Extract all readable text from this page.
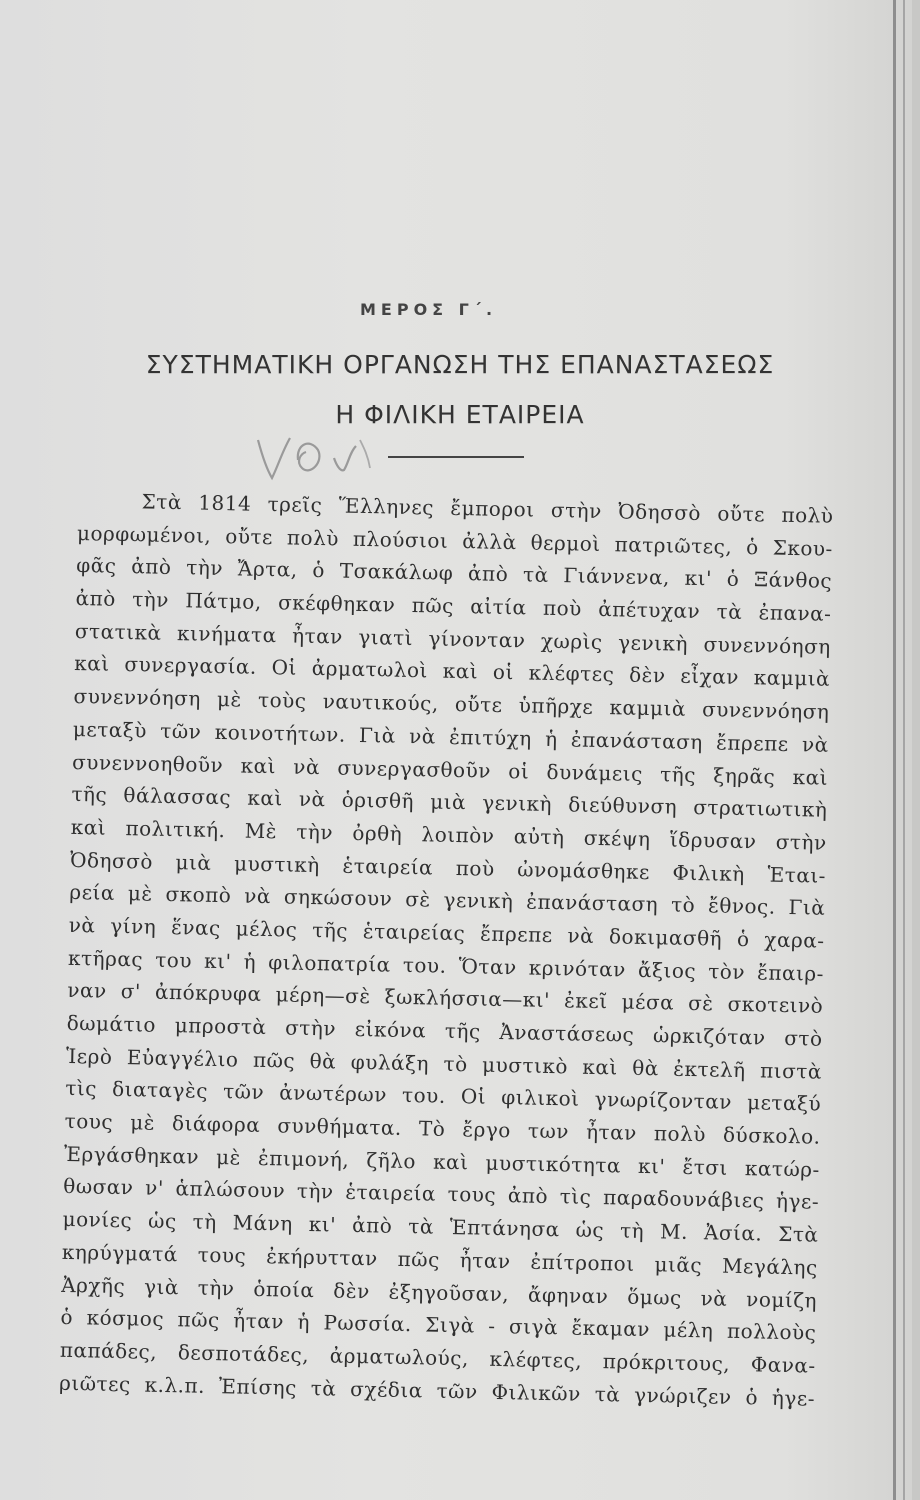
ΜΕΡΟΣ Γ΄.
ΣΥΣΤΗΜΑΤΙΚΗ ΟΡΓΑΝΩΣΗ ΤΗΣ ΕΠΑΝΑΣΤΑΣΕΩΣ
Η ΦΙΛΙΚΗ ΕΤΑΙΡΕΙΑ
Στὰ 1814 τρεῖς Ἕλληνες ἔμποροι στὴν Ὀδησσὸ οὔτε πολὺ
μορφωμένοι, οὔτε πολὺ πλούσιοι ἀλλὰ θερμοὶ πατριῶτες, ὁ Σκου-
φᾶς ἀπὸ τὴν Ἄρτα, ὁ Τσακάλωφ ἀπὸ τὰ Γιάννενα, κι' ὁ Ξάνθος
ἀπὸ τὴν Πάτμο, σκέφθηκαν πῶς αἰτία ποὺ ἀπέτυχαν τὰ ἐπανα-
στατικὰ κινήματα ἦταν γιατὶ γίνονταν χωρὶς γενικὴ συνεννόηση
καὶ συνεργασία. Οἱ ἀρματωλοὶ καὶ οἱ κλέφτες δὲν εἶχαν καμμιὰ
συνεννόηση μὲ τοὺς ναυτικούς, οὔτε ὑπῆρχε καμμιὰ συνεννόηση
μεταξὺ τῶν κοινοτήτων. Γιὰ νὰ ἐπιτύχη ἡ ἐπανάσταση ἔπρεπε νὰ
συνεννοηθοῦν καὶ νὰ συνεργασθοῦν οἱ δυνάμεις τῆς ξηρᾶς καὶ
τῆς θάλασσας καὶ νὰ ὁρισθῆ μιὰ γενικὴ διεύθυνση στρατιωτικὴ
καὶ πολιτική. Μὲ τὴν ὀρθὴ λοιπὸν αὐτὴ σκέψη ἵδρυσαν στὴν
Ὀδησσὸ μιὰ μυστικὴ ἑταιρεία ποὺ ὠνομάσθηκε Φιλικὴ Ἑται-
ρεία μὲ σκοπὸ νὰ σηκώσουν σὲ γενικὴ ἐπανάσταση τὸ ἔθνος. Γιὰ
νὰ γίνη ἕνας μέλος τῆς ἑταιρείας ἔπρεπε νὰ δοκιμασθῆ ὁ χαρα-
κτῆρας του κι' ἡ φιλοπατρία του. Ὅταν κρινόταν ἄξιος τὸν ἔπαιρ-
ναν σ' ἀπόκρυφα μέρη—σὲ ξωκλήσσια—κι' ἐκεῖ μέσα σὲ σκοτεινὸ
δωμάτιο μπροστὰ στὴν εἰκόνα τῆς Ἀναστάσεως ὡρκιζόταν στὸ
Ἱερὸ Εὐαγγέλιο πῶς θὰ φυλάξη τὸ μυστικὸ καὶ θὰ ἐκτελῆ πιστὰ
τὶς διαταγὲς τῶν ἀνωτέρων του. Οἱ φιλικοὶ γνωρίζονταν μεταξύ
τους μὲ διάφορα συνθήματα. Τὸ ἔργο των ἦταν πολὺ δύσκολο.
Ἐργάσθηκαν μὲ ἐπιμονή, ζῆλο καὶ μυστικότητα κι' ἔτσι κατώρ-
θωσαν ν' ἁπλώσουν τὴν ἑταιρεία τους ἀπὸ τὶς παραδουνάβιες ἡγε-
μονίες ὡς τὴ Μάνη κι' ἀπὸ τὰ Ἑπτάνησα ὡς τὴ Μ. Ἀσία. Στὰ
κηρύγματά τους ἐκήρυτταν πῶς ἦταν ἐπίτροποι μιᾶς Μεγάλης
Ἀρχῆς γιὰ τὴν ὁποία δὲν ἐξηγοῦσαν, ἄφηναν ὅμως νὰ νομίζη
ὁ κόσμος πῶς ἦταν ἡ Ρωσσία. Σιγὰ - σιγὰ ἔκαμαν μέλη πολλοὺς
παπάδες, δεσποτάδες, ἀρματωλούς, κλέφτες, πρόκριτους, Φανα-
ριῶτες κ.λ.π. Ἐπίσης τὰ σχέδια τῶν Φιλικῶν τὰ γνώριζεν ὁ ἡγε-
